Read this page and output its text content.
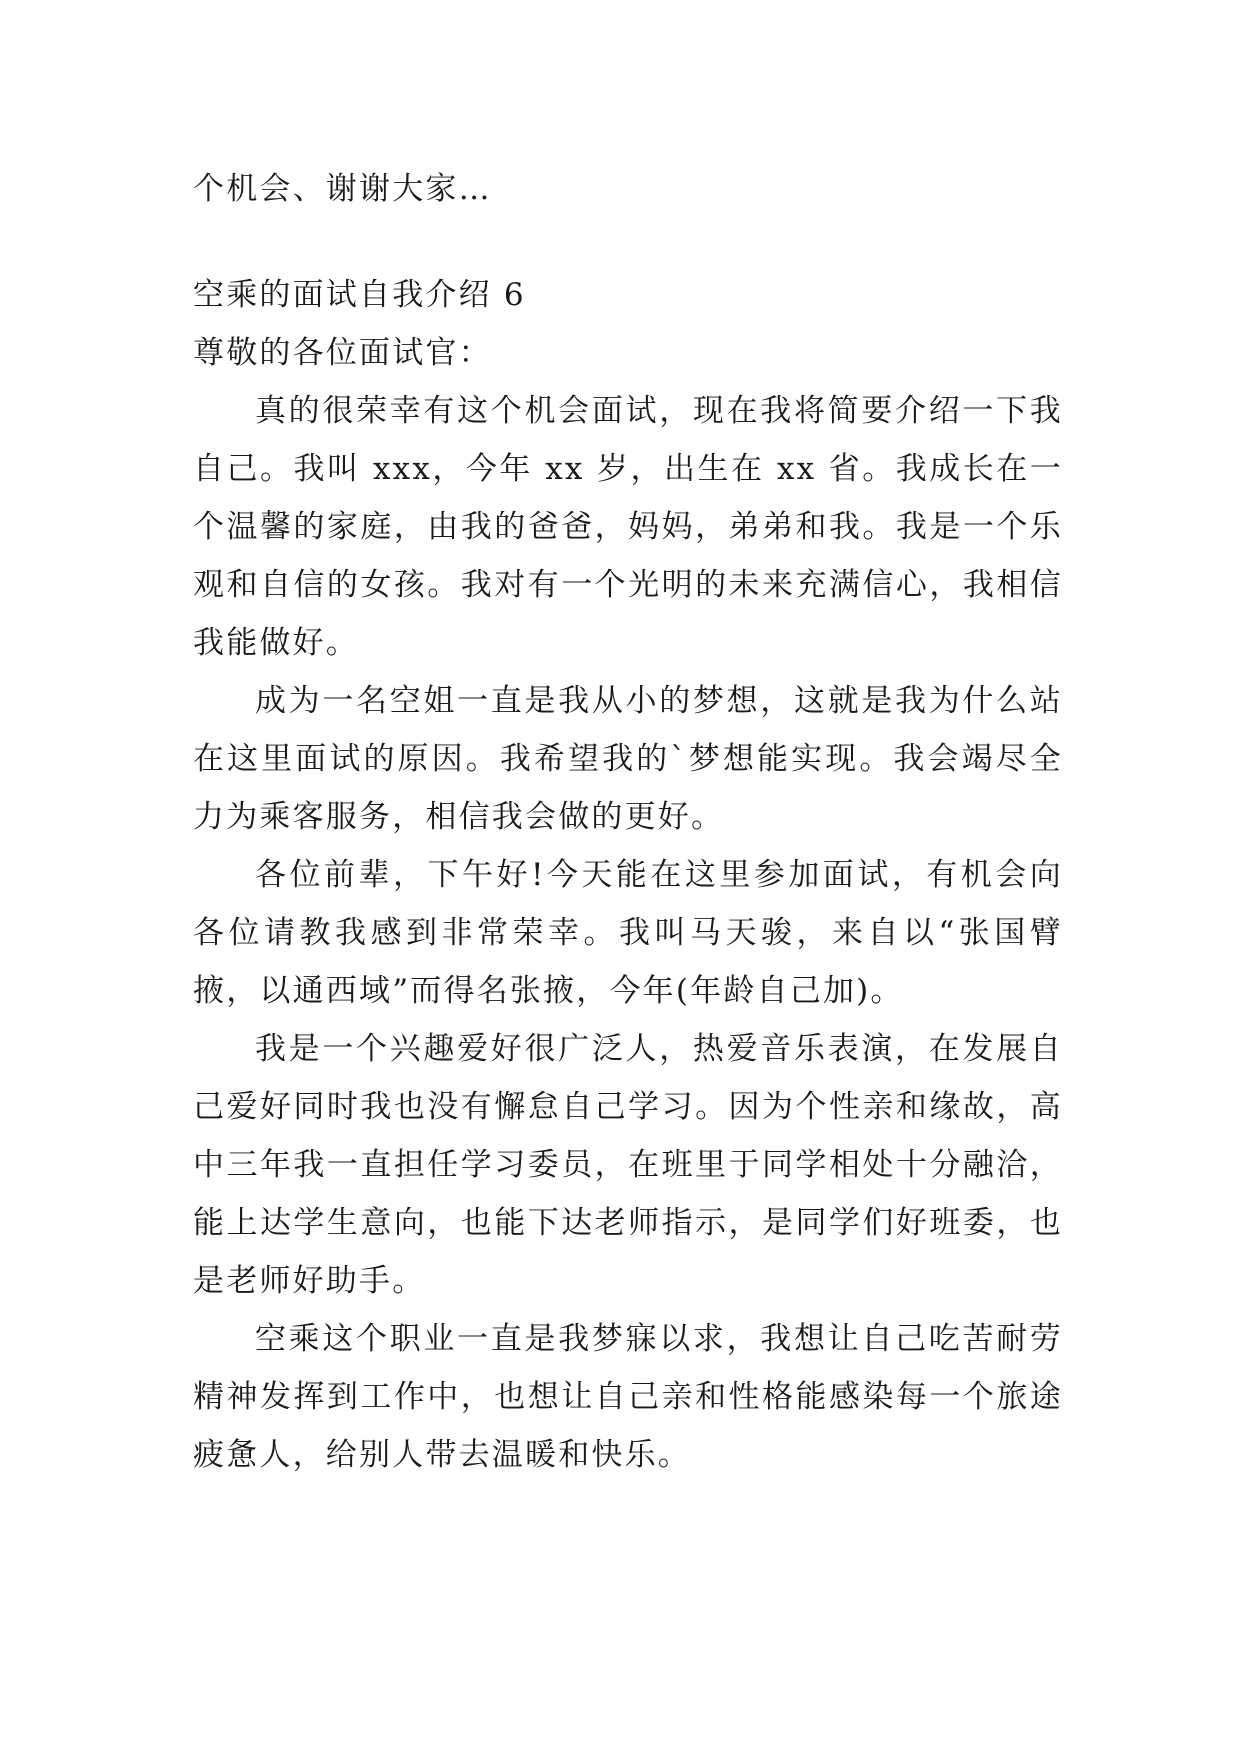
个机会、谢谢大家…

空乘的面试自我介绍 6

尊敬的各位面试官：

真的很荣幸有这个机会面试，现在我将简要介绍一下我自己。我叫 xxx，今年 xx 岁，出生在 xx 省。我成长在一个温馨的家庭，由我的爸爸，妈妈，弟弟和我。我是一个乐观和自信的女孩。我对有一个光明的未来充满信心，我相信我能做好。

成为一名空姐一直是我从小的梦想，这就是我为什么站在这里面试的原因。我希望我的`梦想能实现。我会竭尽全力为乘客服务，相信我会做的更好。

各位前辈，下午好!今天能在这里参加面试，有机会向各位请教我感到非常荣幸。我叫马天骏，来自以“张国臂掖，以通西域”而得名张掖，今年(年龄自己加)。

我是一个兴趣爱好很广泛人，热爱音乐表演，在发展自己爱好同时我也没有懈怠自己学习。因为个性亲和缘故，高中三年我一直担任学习委员，在班里于同学相处十分融洽，能上达学生意向，也能下达老师指示，是同学们好班委，也是老师好助手。

空乘这个职业一直是我梦寐以求，我想让自己吃苦耐劳精神发挥到工作中，也想让自己亲和性格能感染每一个旅途疲惫人，给别人带去温暖和快乐。
